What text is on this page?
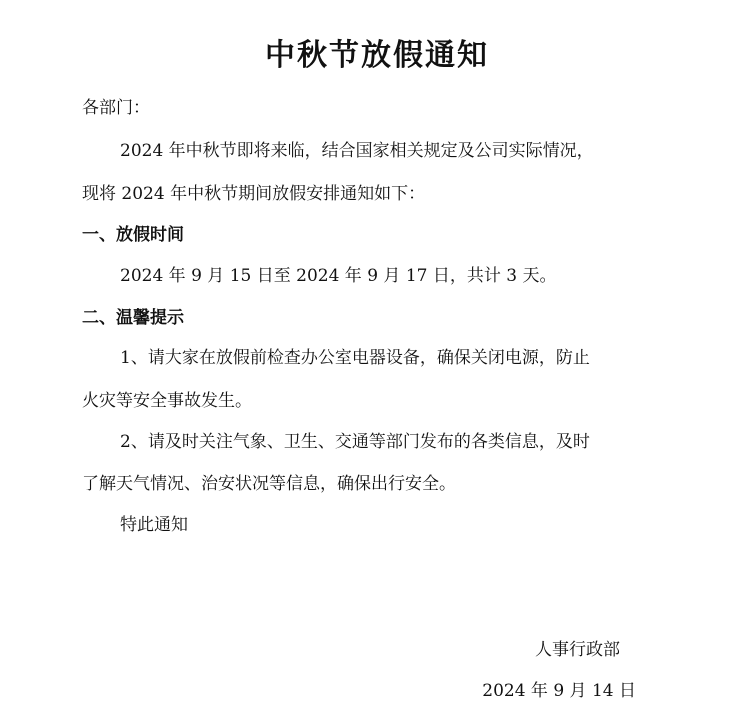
中秋节放假通知

各部门：

2024 年中秋节即将来临，结合国家相关规定及公司实际情况，

现将 2024 年中秋节期间放假安排通知如下：

一、放假时间

2024 年 9 月 15 日至 2024 年 9 月 17 日，共计 3 天。

二、温馨提示

1、请大家在放假前检查办公室电器设备，确保关闭电源，防止

火灾等安全事故发生。

2、请及时关注气象、卫生、交通等部门发布的各类信息，及时

了解天气情况、治安状况等信息，确保出行安全。

特此通知

人事行政部

2024 年 9 月 14 日
